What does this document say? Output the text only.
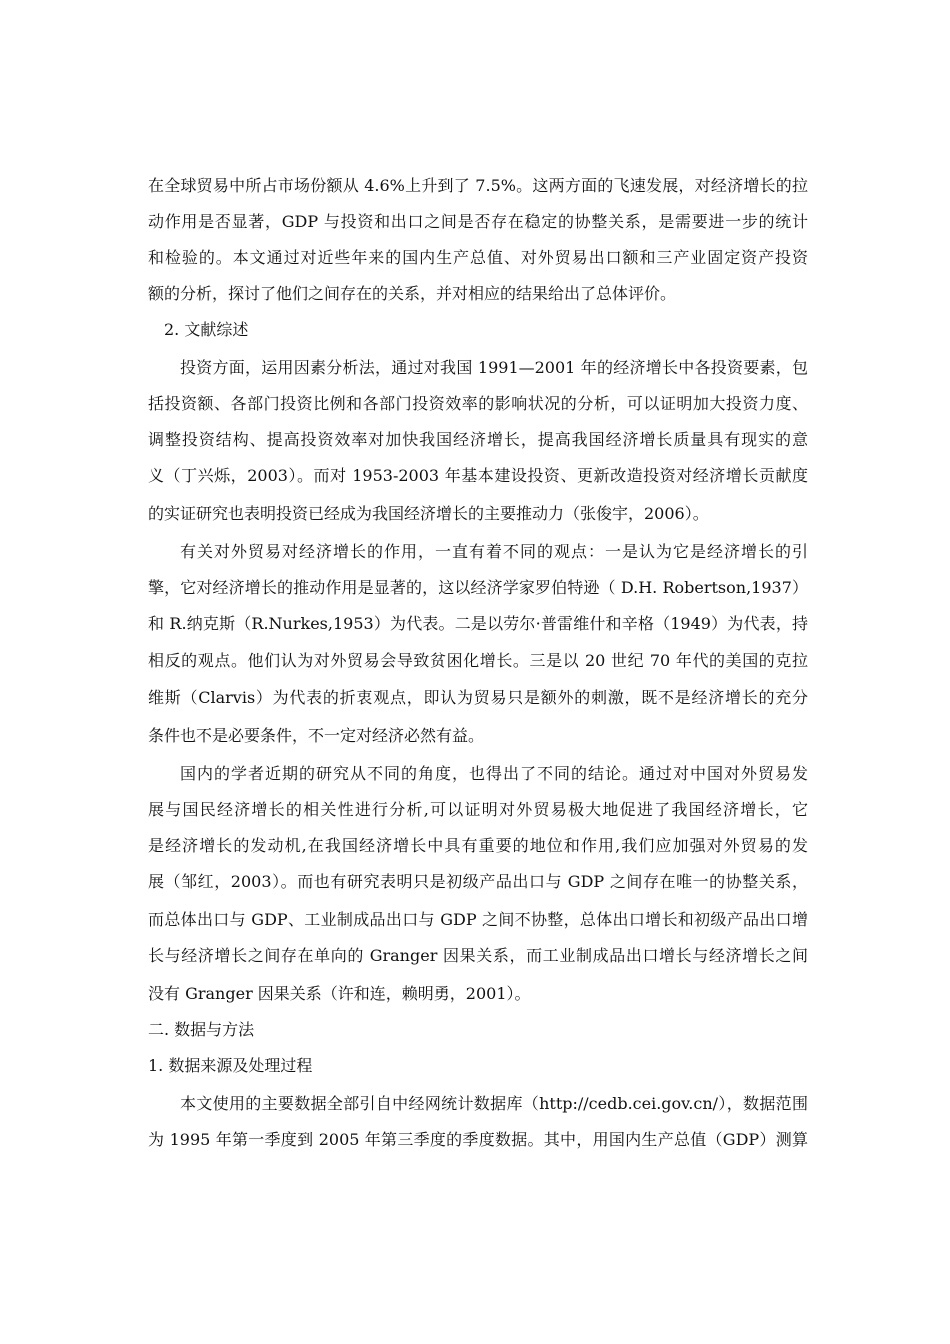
在全球贸易中所占市场份额从 4.6%上升到了 7.5%。这两方面的飞速发展，对经济增长的拉
动作用是否显著，GDP 与投资和出口之间是否存在稳定的协整关系，是需要进一步的统计
和检验的。本文通过对近些年来的国内生产总值、对外贸易出口额和三产业固定资产投资
额的分析，探讨了他们之间存在的关系，并对相应的结果给出了总体评价。
2. 文献综述
投资方面，运用因素分析法，通过对我国 1991—2001 年的经济增长中各投资要素，包
括投资额、各部门投资比例和各部门投资效率的影响状况的分析，可以证明加大投资力度、
调整投资结构、提高投资效率对加快我国经济增长，提高我国经济增长质量具有现实的意
义（丁兴烁，2003）。而对 1953-2003 年基本建设投资、更新改造投资对经济增长贡献度
的实证研究也表明投资已经成为我国经济增长的主要推动力（张俊宇，2006）。
有关对外贸易对经济增长的作用，一直有着不同的观点：一是认为它是经济增长的引
擎，它对经济增长的推动作用是显著的，这以经济学家罗伯特逊（ D.H. Robertson,1937）
和 R.纳克斯（R.Nurkes,1953）为代表。二是以劳尔·普雷维什和辛格（1949）为代表，持
相反的观点。他们认为对外贸易会导致贫困化增长。三是以 20 世纪 70 年代的美国的克拉
维斯（Clarvis）为代表的折衷观点，即认为贸易只是额外的刺激，既不是经济增长的充分
条件也不是必要条件，不一定对经济必然有益。
国内的学者近期的研究从不同的角度，也得出了不同的结论。通过对中国对外贸易发
展与国民经济增长的相关性进行分析,可以证明对外贸易极大地促进了我国经济增长，它
是经济增长的发动机,在我国经济增长中具有重要的地位和作用,我们应加强对外贸易的发
展（邹红，2003）。而也有研究表明只是初级产品出口与 GDP 之间存在唯一的协整关系，
而总体出口与 GDP、工业制成品出口与 GDP 之间不协整，总体出口增长和初级产品出口增
长与经济增长之间存在单向的 Granger 因果关系，而工业制成品出口增长与经济增长之间
没有 Granger 因果关系（许和连，赖明勇，2001）。
二. 数据与方法
1. 数据来源及处理过程
本文使用的主要数据全部引自中经网统计数据库（http://cedb.cei.gov.cn/），数据范围
为 1995 年第一季度到 2005 年第三季度的季度数据。其中，用国内生产总值（GDP）测算
